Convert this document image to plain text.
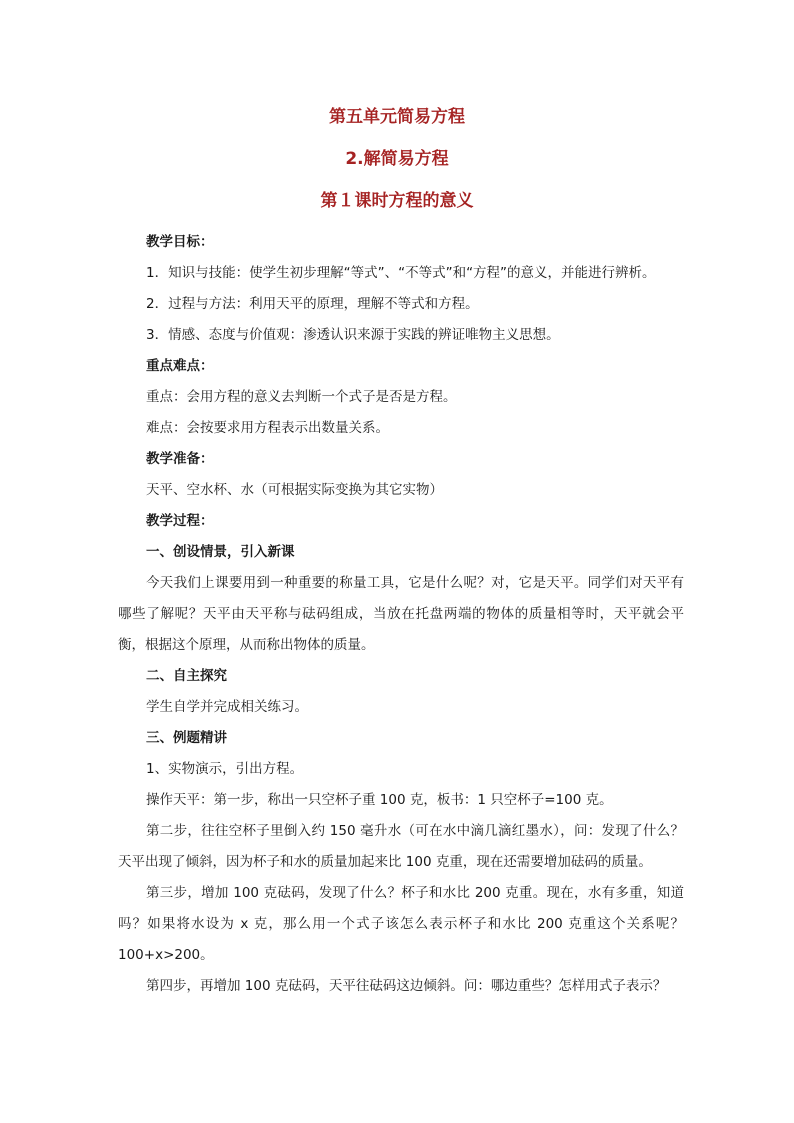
第五单元简易方程
2.解简易方程
第１课时方程的意义

教学目标：

1．知识与技能：使学生初步理解“等式”、“不等式”和“方程”的意义，并能进行辨析。

2．过程与方法：利用天平的原理，理解不等式和方程。

3．情感、态度与价值观：渗透认识来源于实践的辨证唯物主义思想。

重点难点：

重点：会用方程的意义去判断一个式子是否是方程。

难点：会按要求用方程表示出数量关系。

教学准备：

天平、空水杯、水（可根据实际变换为其它实物）

教学过程：

一、创设情景，引入新课

今天我们上课要用到一种重要的称量工具，它是什么呢？对，它是天平。同学们对天平有哪些了解呢？天平由天平称与砝码组成，当放在托盘两端的物体的质量相等时，天平就会平衡，根据这个原理，从而称出物体的质量。

二、自主探究

学生自学并完成相关练习。

三、例题精讲

1、实物演示，引出方程。

操作天平：第一步，称出一只空杯子重 100 克，板书：1 只空杯子=100 克。

第二步，往往空杯子里倒入约 150 毫升水（可在水中滴几滴红墨水），问：发现了什么？天平出现了倾斜，因为杯子和水的质量加起来比 100 克重，现在还需要增加砝码的质量。

第三步，增加 100 克砝码，发现了什么？杯子和水比 200 克重。现在，水有多重，知道吗？如果将水设为 x 克，那么用一个式子该怎么表示杯子和水比 200 克重这个关系呢？100+x>200。

第四步，再增加 100 克砝码，天平往砝码这边倾斜。问：哪边重些？怎样用式子表示？
